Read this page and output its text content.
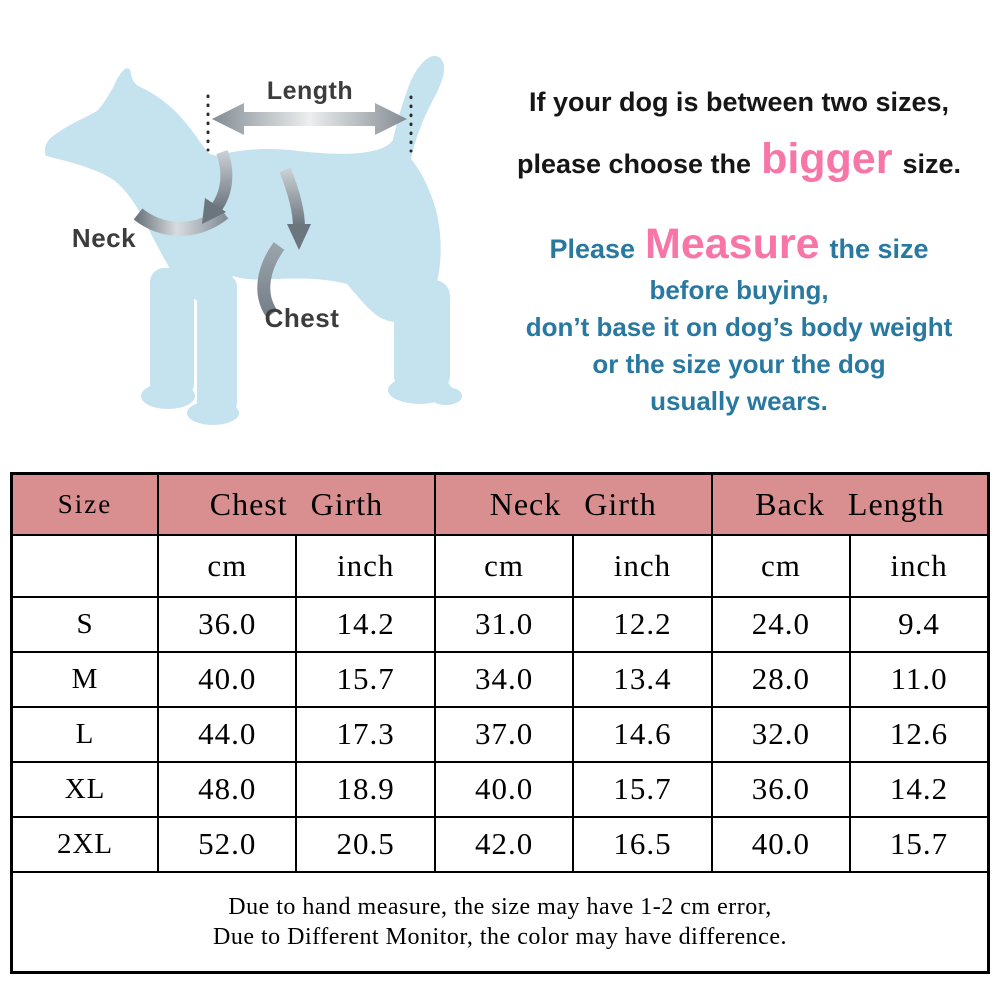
Length
Neck
Chest

If your dog is between two sizes,

please choose the bigger size.

Please Measure the size

before buying,

don’t base it on dog’s body weight

or the size your the dog

usually wears.

Size	Chest Girth		Neck Girth		Back Length	
	cm	inch	cm	inch	cm	inch
S	36.0	14.2	31.0	12.2	24.0	9.4
M	40.0	15.7	34.0	13.4	28.0	11.0
L	44.0	17.3	37.0	14.6	32.0	12.6
XL	48.0	18.9	40.0	15.7	36.0	14.2
2XL	52.0	20.5	42.0	16.5	40.0	15.7

Due to hand measure, the size may have 1-2 cm error,
Due to Different Monitor, the color may have difference.						
